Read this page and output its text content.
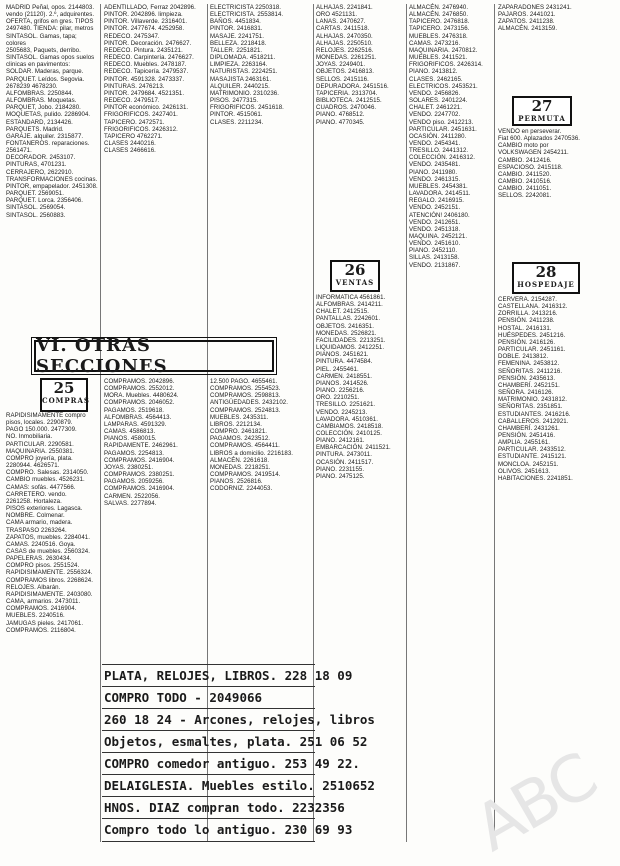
MADRID Peñal, opos. 2144803.

vendo (21120). 2.º, adquirentes.

OFERTA, grifos en gres. TIPOS

2497480. TIENDA: pilar, metros

SINTASOL. Gamas, tapa; colores

2505683, Paquets, derribo.

SINTASOL. Gamas opos suelos

clinicas en pavimentos:

SOLDAR. Maderas, parque.

PARQUET. Leídos. Segovia.

2678239 4678230.

ALFOMBRAS. 2250844.

ALFOMBRAS. Moquetas.

PARQUET, Jobo. 2184280.

MOQUETAS, pulido. 2286904.

ESTANDARD, 2134426.

PARQUETS. Madrid.

GARAJE. alquiler. 2315877.

FONTANEROS. reparaciones. 2561471.

DECORADOR. 2453107.

PINTURAS, 4701231.

CERRAJERO, 2622910.

TRANSFORMACIONES cocinas.

PINTOR, empapelador. 2451308.

PARQUET. 2569051.

PARQUET. Lorca. 2356406.

SINTASOL. 2569054.

SINTASOL. 2560883.

VI. OTRAS SECCIONES
25
COMPRAS

RAPIDISIMAMENTE compro

pisos, locales. 2290879.

PAGO 150.000. 2477309.

NO. Inmobiliaria.

PARTICULAR. 2290581.

MAQUINARIA. 2550381.

COMPRO joyería, plata.

2280944. 4626571.

COMPRO. Salesas. 2314050.

CAMBIO muebles. 4526231.

CAMAS: sofás. 4477566.

CARRETERO. vendo.

2261258. Hortaleza.

PISOS exteriores. Lagasca.

NOMBRE. Colmenar.

CAMA armario, madera.

TRASPASO 2263264.

ZAPATOS, muebles. 2284041.

CAMAS. 2240516. Goya.

CASAS de muebles. 2560324.

PAPELERAS. 2630434.

COMPRO pisos. 2551524.

RAPIDISIMAMENTE. 2556324.

COMPRAMOS libros. 2268624.

RELOJES. Albarán.

RAPIDISIMAMENTE. 2403080.

CAMA, armarios. 2473011.

COMPRAMOS. 2416904.

MUEBLES. 2240516.

JAMUGAS pieles. 2417061.

COMPRAMOS. 2116804.

ADENTILLADO, Ferraz 2042896.

PINTOR. 2042896. limpieza.

PINTOR. Villaverde. 2316401.

PINTOR. 2477674. 4252958.

REDECO. 2475347.

PINTOR. Decoración. 2476627.

REDECO. Pintura. 2435121.

REDECO. Carpintería. 2476627.

REDECO. Muebles. 2478187.

REDECO. Tapicería. 2479537.

PINTOR. 4591328. 2473337.

PINTURAS. 2476213.

PINTOR. 2479684. 4521351.

REDECO. 2479517.

PINTOR económico. 2426131.

FRIGORIFICOS. 2427401.

TAPICERO. 2472571.

FRIGORIFICOS. 2426312.

TAPICERO 4762271.

CLASES 2440216.

CLASES 2466616.

COMPRAMOS. 2042896.

COMPRAMOS. 2552012.

MORA. Muebles. 4480624.

COMPRAMOS. 2046052.

PAGAMOS. 2519618.

ALFOMBRAS. 4564413.

LAMPARAS. 4591329.

CAMAS. 4586813.

PIANOS. 4580015.

RAPIDAMENTE. 2462961.

PAGAMOS. 2254813.

COMPRAMOS. 2416904.

JOYAS. 2380251.

COMPRAMOS. 2380251.

PAGAMOS. 2059256.

COMPRAMOS. 2416904.

CARMEN. 2522056.

SALVAS. 2277894.

ELECTRICISTA 2250318.

ELECTRICISTA. 2553814.

BAÑOS. 4451834.

PINTOR. 2416831.

MASAJE. 2241751.

BELLEZA. 2218418.

TALLER. 2251821.

DIPLOMADA. 4518211.

LIMPIEZA. 2263164.

NATURISTAS. 2224251.

MASAJISTA 2463161.

ALQUILER. 2440215.

MATRIMONIO. 2310236.

PISOS. 2477315.

FRIGORIFICOS. 2451618.

PINTOR. 4515061.

CLASES. 2211234.

12.500 PAGO. 4655461.

COMPRAMOS. 2554523.

COMPRAMOS. 2598813.

ANTIGÜEDADES. 2432102.

COMPRAMOS. 2524813.

MUEBLES. 2435311.

LIBROS. 2212134.

COMPRO. 2461821.

PAGAMOS. 2423512.

COMPRAMOS. 4564411.

LIBROS a domicilio. 2216183.

ALMACÉN. 2261618.

MONEDAS. 2218251.

COMPRAMOS. 2419514.

PIANOS. 2526816.

CODORNIZ. 2244053.

PLATA, RELOJES, LIBROS. 228 18 09
COMPRO TODO - 2049066
260 18 24 - Arcones, relojes, libros
Objetos, esmaltes, plata. 251 06 52
COMPRO comedor antiguo. 253 49 22.
DELAIGLESIA. Muebles estilo. 2510652
HNOS. DIAZ compran todo. 2232356
Compro todo lo antiguo. 230 69 93

ALHAJAS. 2241841.

ORO 4521131.

LANAS. 2470627.

CARTAS. 2411518.

ALHAJAS. 2470350.

ALHAJAS. 2250510.

RELOJES. 2262516.

MONEDAS. 2261251.

JOYAS. 2249401.

OBJETOS. 2416813.

SELLOS. 2415116.

DEPURADORA. 2451516.

TAPICERIA. 2313704.

BIBLIOTECA. 2412515.

CUADROS. 2470046.

PIANO. 4768512.

PIANO. 4770345.

26
VENTAS

INFORMATICA 4561861.

ALFOMBRAS. 2414211.

CHALET. 2412515.

PANTALLAS. 2242601.

OBJETOS. 2416351.

MONEDAS. 2526821.

FACILIDADES. 2213251.

LIQUIDAMOS. 2412251.

PIANOS. 2451621.

PINTURA. 4474584.

PIEL. 2455461.

CARMEN. 2418551.

PIANOS. 2414526.

PIANO. 2256216.

ORO. 2210251.

TRESILLO. 2251621.

VENDO. 2245213.

LAVADORA. 4510361.

CAMBIAMOS. 2418518.

COLECCIÓN. 2410125.

PIANO. 2412161.

EMBARCACIÓN. 2411521.

PINTURA. 2473011.

OCASIÓN. 2411517.

PIANO. 2231155.

PIANO. 2475125.

ALMACÉN. 2476940.

ALMACÉN. 2476850.

TAPICERO. 2476818.

TAPICERO. 2473156.

MUEBLES. 2476318.

CAMAS. 2473216.

MAQUINARIA. 2470812.

MUEBLES. 2411521.

FRIGORIFICOS. 2426314.

PIANO. 2413812.

CLASES. 2462165.

ELECTRICOS. 2453521.

VENDO. 2456826.

SOLARES. 2401224.

CHALET. 2461221.

VENDO. 2247702.

VENDO piso. 2412213.

PARTICULAR. 2451631.

OCASIÓN. 2411280.

VENDO. 2454341.

TRESILLO. 2441312.

COLECCIÓN. 2416312.

VENDO. 2435481.

PIANO. 2411980.

VENDO. 2461315.

MUEBLES. 2454381.

LAVADORA. 2414511.

REGALO. 2416915.

VENDO. 2452151.

ATENCIÓN! 2406180.

VENDO. 2412651.

VENDO. 2451318.

MAQUINA. 2452121.

VENDO. 2451610.

PIANO. 2452110.

SILLAS. 2413158.

VENDO. 2131867.

ZAPARADONES 2431241.

PAJAROS. 2441021.

ZAPATOS. 2411238.

ALMACÉN. 2413159.

27
PERMUTA

VENDO en perseverar.

Fiat 600. Aplazados 2470536.

CAMBIO moto por

VOLKSWAGEN 2454211.

CAMBIO. 2412416.

ESPACIOSO. 2415118.

CAMBIO. 2411520.

CAMBIO. 2410516.

CAMBIO. 2411051.

SELLOS. 2242081.

28
HOSPEDAJE

CERVERA. 2154287.

CASTELLANA. 2416312.

ZORRILLA. 2413216.

PENSIÓN. 2411238.

HOSTAL. 2416131.

HUÉSPEDES. 2451216.

PENSIÓN. 2416126.

PARTICULAR. 2451161.

DOBLE. 2413812.

FEMENINA. 2453812.

SEÑORITAS. 2411216.

PENSIÓN. 2435613.

CHAMBERÍ. 2452151.

SEÑORA. 2416126.

MATRIMONIO. 2431812.

SEÑORITAS. 2351851.

ESTUDIANTES. 2416216.

CABALLEROS. 2412921.

CHAMBERÍ. 2431261.

PENSIÓN. 2451416.

AMPLIA. 2455161.

PARTICULAR. 2433512.

ESTUDIANTE. 2415121.

MONCLOA. 2452151.

OLIVOS. 2451613.

HABITACIONES. 2241851.

ABC
